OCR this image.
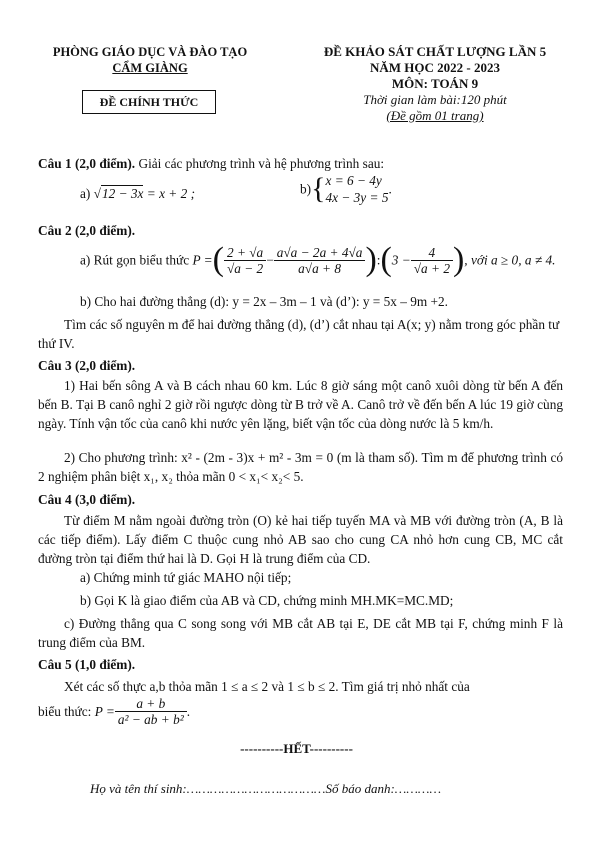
PHÒNG GIÁO DỤC VÀ ĐÀO TẠO
CẨM GIÀNG
ĐỀ CHÍNH THỨC
ĐỀ KHẢO SÁT CHẤT LƯỢNG LẦN 5
NĂM HỌC 2022 - 2023
MÔN: TOÁN 9
Thời gian làm bài:120 phút
(Đề gồm 01 trang)
Câu 1 (2,0 điểm). Giải các phương trình và hệ phương trình sau:
a) √12 − 3x = x + 2 ;	b){ x = 6 − 4y
4x − 3y = 5
.
Câu 2 (2,0 điểm).
a) Rút gọn biểu thức P =( $\frac{2 + √a}{√a - 2} - \frac{a√a - 2a + 4√a}{a√a + 8}$ ):(3 − $\frac{4}{√a + 2}$ ), với a ≥ 0, a ≠ 4.
b) Cho hai đường thẳng (d): y = 2x – 3m – 1 và (d’): y = 5x – 9m +2.
Tìm các số nguyên m để hai đường thẳng (d), (d’) cắt nhau tại A(x; y) nằm trong góc phần tư thứ IV.
Câu 3 (2,0 điểm).
1) Hai bến sông A và B cách nhau 60 km. Lúc 8 giờ sáng một canô xuôi dòng từ bến A đến bến B. Tại B canô nghỉ 2 giờ rồi ngược dòng từ B trở về A. Canô trở về đến bến A lúc 19 giờ cùng ngày. Tính vận tốc của canô khi nước yên lặng, biết vận tốc của dòng nước là 5 km/h.
2) Cho phương trình: x² - (2m - 3)x + m² - 3m = 0 (m là tham số). Tìm m để phương trình có 2 nghiệm phân biệt x₁, x₂ thỏa mãn 0 < x₁< x₂< 5.
Câu 4 (3,0 điểm).
Từ điểm M nằm ngoài đường tròn (O) kẻ hai tiếp tuyến MA và MB với đường tròn (A, B là các tiếp điểm). Lấy điểm C thuộc cung nhỏ AB sao cho cung CA nhỏ hơn cung CB, MC cắt đường tròn tại điểm thứ hai là D. Gọi H là trung điểm của CD.
a) Chứng minh tứ giác MAHO nội tiếp;
b) Gọi K là giao điểm của AB và CD, chứng minh MH.MK=MC.MD;
c) Đường thẳng qua C song song với MB cắt AB tại E, DE cắt MB tại F, chứng minh F là trung điểm của BM.
Câu 5 (1,0 điểm).
Xét các số thực a,b thỏa mãn 1 ≤ a ≤ 2 và 1 ≤ b ≤ 2. Tìm giá trị nhỏ nhất của
biểu thức: $P = \frac{a + b}{\text{a² − ab + b²}}$ .
----------HẾT----------
Họ và tên thí sinh:………………………………Số báo danh:…………
